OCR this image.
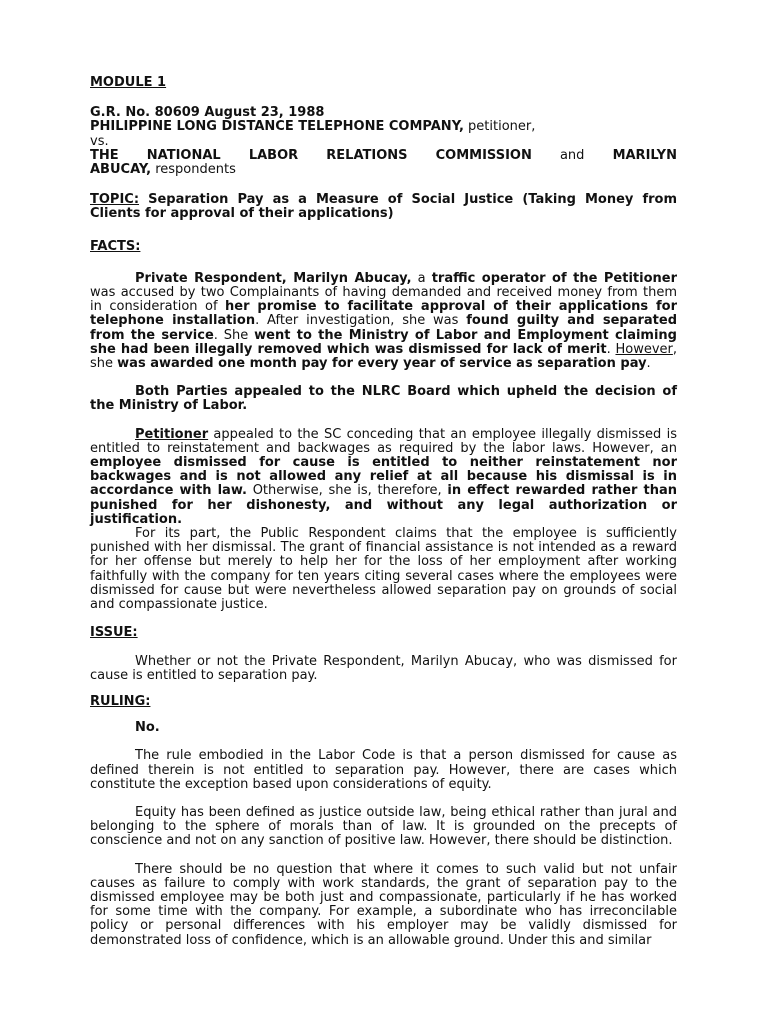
MODULE 1

G.R. No. 80609 August 23, 1988

PHILIPPINE LONG DISTANCE TELEPHONE COMPANY, petitioner,

vs.

THE NATIONAL LABOR RELATIONS COMMISSION and MARILYN

ABUCAY, respondents

TOPIC: Separation Pay as a Measure of Social Justice (Taking Money from Clients for approval of their applications)

FACTS:

Private Respondent, Marilyn Abucay, a traffic operator of the Petitioner was accused by two Complainants of having demanded and received money from them in consideration of her promise to facilitate approval of their applications for telephone installation. After investigation, she was found guilty and separated from the service. She went to the Ministry of Labor and Employment claiming she had been illegally removed which was dismissed for lack of merit. However, she was awarded one month pay for every year of service as separation pay.

Both Parties appealed to the NLRC Board which upheld the decision of the Ministry of Labor.

Petitioner appealed to the SC conceding that an employee illegally dismissed is entitled to reinstatement and backwages as required by the labor laws. However, an employee dismissed for cause is entitled to neither reinstatement nor backwages and is not allowed any relief at all because his dismissal is in accordance with law. Otherwise, she is, therefore, in effect rewarded rather than punished for her dishonesty, and without any legal authorization or justification.

For its part, the Public Respondent claims that the employee is sufficiently punished with her dismissal. The grant of financial assistance is not intended as a reward for her offense but merely to help her for the loss of her employment after working faithfully with the company for ten years citing several cases where the employees were dismissed for cause but were nevertheless allowed separation pay on grounds of social and compassionate justice.

ISSUE:

Whether or not the Private Respondent, Marilyn Abucay, who was dismissed for cause is entitled to separation pay.

RULING:

No.

The rule embodied in the Labor Code is that a person dismissed for cause as defined therein is not entitled to separation pay. However, there are cases which constitute the exception based upon considerations of equity.

Equity has been defined as justice outside law, being ethical rather than jural and belonging to the sphere of morals than of law. It is grounded on the precepts of conscience and not on any sanction of positive law. However, there should be distinction.

There should be no question that where it comes to such valid but not unfair causes as failure to comply with work standards, the grant of separation pay to the dismissed employee may be both just and compassionate, particularly if he has worked for some time with the company. For example, a subordinate who has irreconcilable policy or personal differences with his employer may be validly dismissed for demonstrated loss of confidence, which is an allowable ground. Under this and similar
